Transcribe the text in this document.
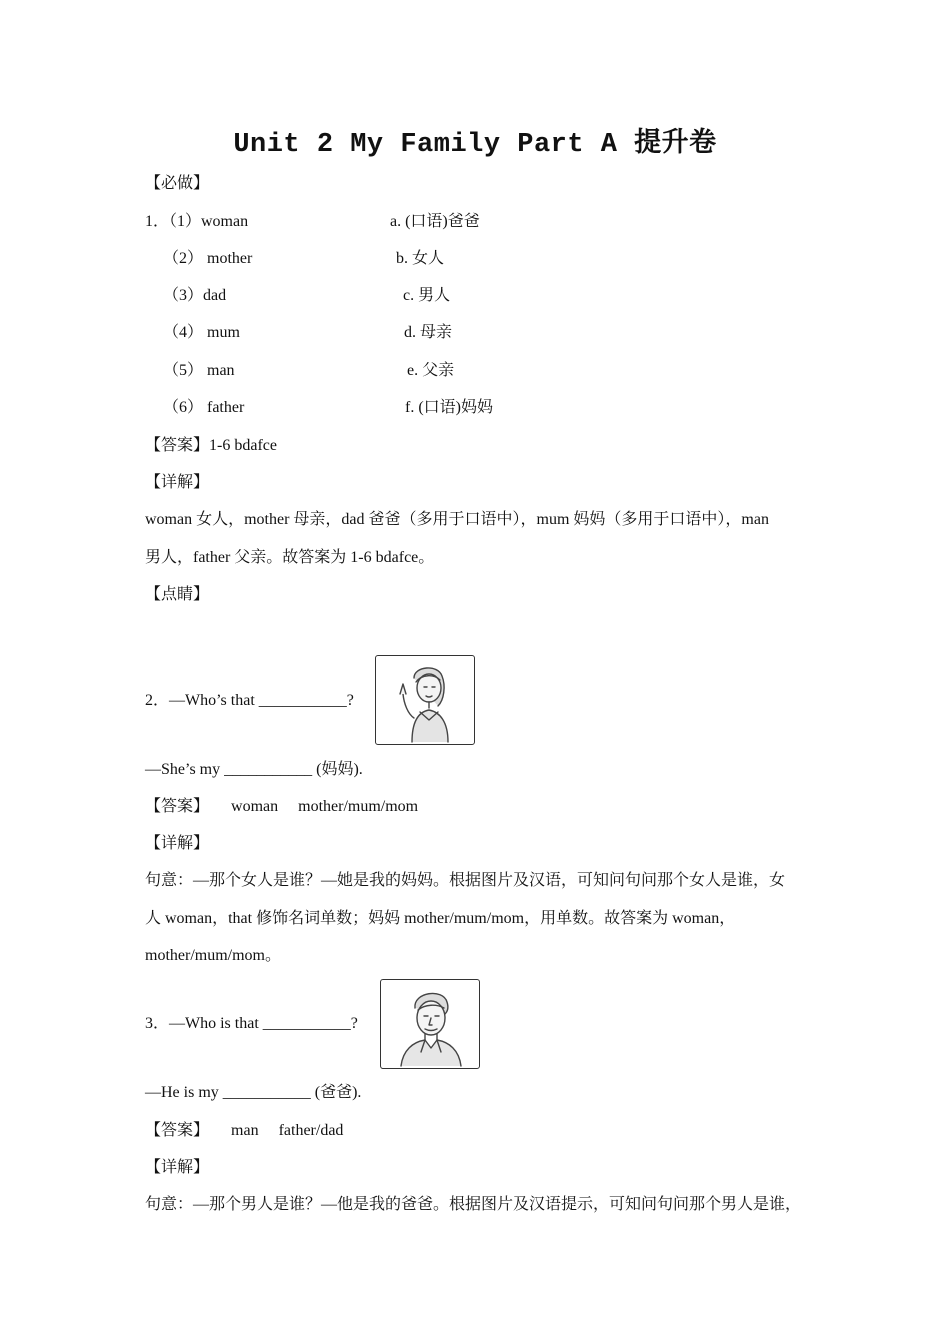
Unit 2 My Family Part A 提升卷
【必做】
1．（1）woman	a. (口语)爸爸
（2） mother	b. 女人
（3）dad	c. 男人
（4） mum	d. 母亲
（5） man	e. 父亲
（6） father	f. (口语)妈妈
【答案】1-6 bdafce
【详解】
woman 女人，mother 母亲，dad 爸爸（多用于口语中），mum 妈妈（多用于口语中），man
男人，father 父亲。故答案为 1-6 bdafce。
【点睛】
2．—Who’s that ___________?
—She’s my ___________ (妈妈).
【答案】 woman     mother/mum/mom
【详解】
句意：—那个女人是谁？—她是我的妈妈。根据图片及汉语，可知问句问那个女人是谁，女
人 woman，that 修饰名词单数；妈妈 mother/mum/mom，用单数。故答案为 woman，
mother/mum/mom。
3．—Who is that ___________?
—He is my ___________ (爸爸).
【答案】 man     father/dad
【详解】
句意：—那个男人是谁？—他是我的爸爸。根据图片及汉语提示，可知问句问那个男人是谁，
